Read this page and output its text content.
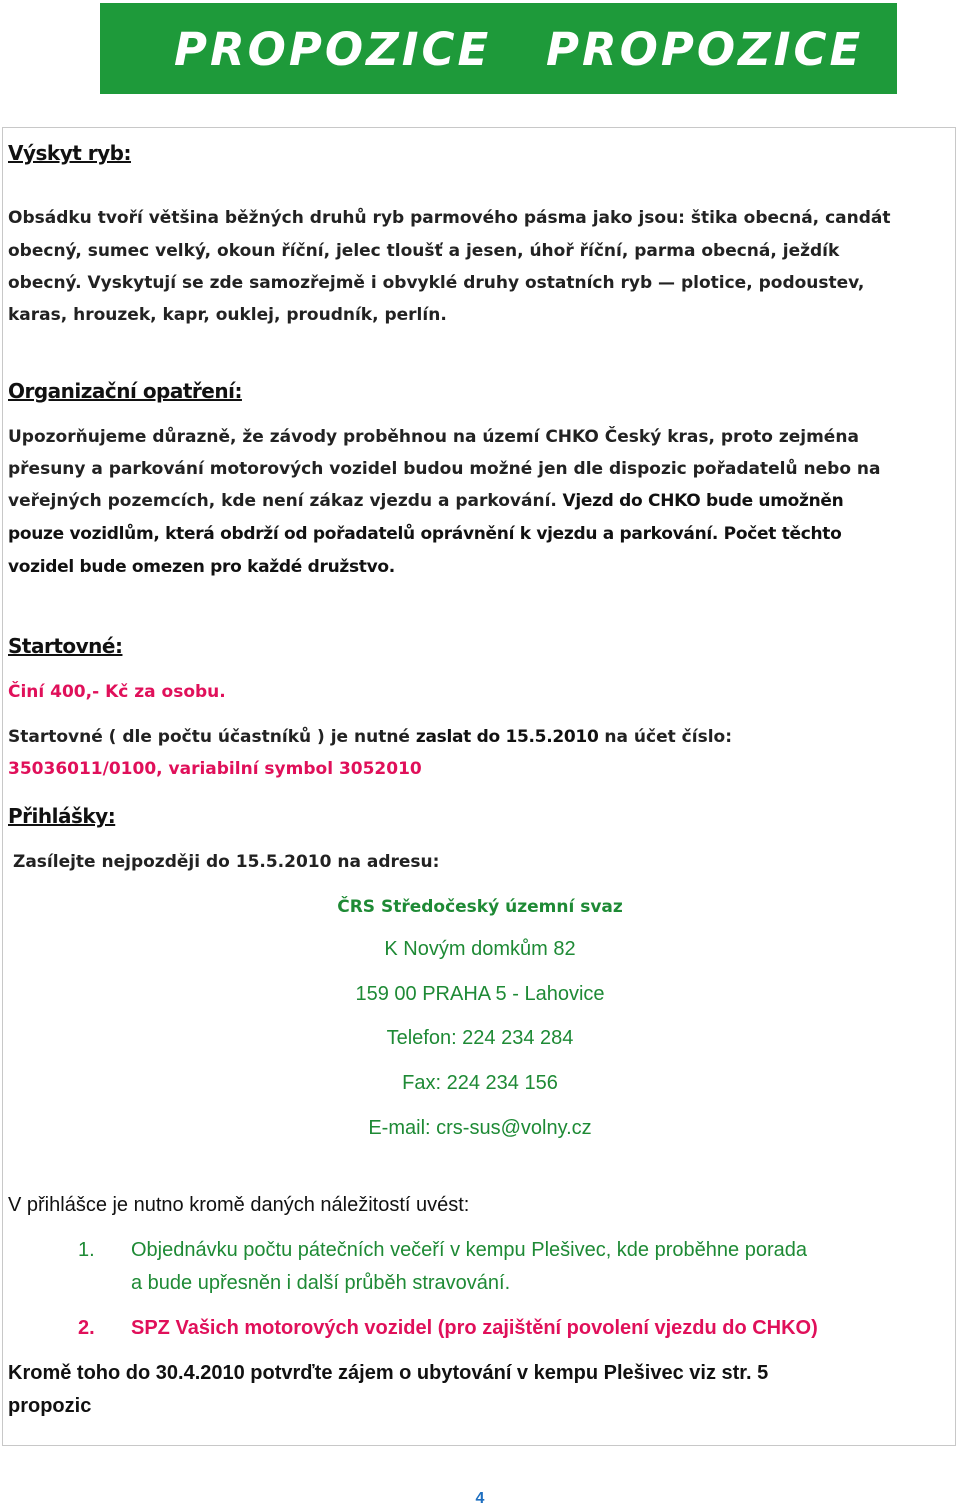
PROPOZICE PROPOZICE
Výskyt ryb:
Obsádku tvoří většina běžných druhů ryb parmového pásma jako jsou: štika obecná, candát
obecný, sumec velký, okoun říční, jelec tloušť a jesen, úhoř říční, parma obecná, ježdík
obecný. Vyskytují se zde samozřejmě i obvyklé druhy ostatních ryb — plotice, podoustev,
karas, hrouzek, kapr, ouklej, proudník, perlín.
Organizační opatření:
Upozorňujeme důrazně, že závody proběhnou na území CHKO Český kras, proto zejména
přesuny a parkování motorových vozidel budou možné jen dle dispozic pořadatelů nebo na
veřejných pozemcích, kde není zákaz vjezdu a parkování. Vjezd do CHKO bude umožněn
pouze vozidlům, která obdrží od pořadatelů oprávnění k vjezdu a parkování. Počet těchto
vozidel bude omezen pro každé družstvo.
Startovné:
Činí 400,- Kč za osobu.
Startovné ( dle počtu účastníků ) je nutné zaslat do 15.5.2010 na účet číslo:
35036011/0100, variabilní symbol 3052010
Přihlášky:
Zasílejte nejpozději do 15.5.2010 na adresu:
ČRS Středočeský územní svaz
K Novým domkům 82
159 00 PRAHA 5 - Lahovice
Telefon: 224 234 284
Fax: 224 234 156
E-mail: crs-sus@volny.cz
V přihlášce je nutno kromě daných náležitostí uvést:
1. Objednávku počtu pátečních večeří v kempu Plešivec, kde proběhne porada
a bude upřesněn i další průběh stravování.
2. SPZ Vašich motorových vozidel (pro zajištění povolení vjezdu do CHKO)
Kromě toho do 30.4.2010 potvrďte zájem o ubytování v kempu Plešivec viz str. 5
propozic
4
